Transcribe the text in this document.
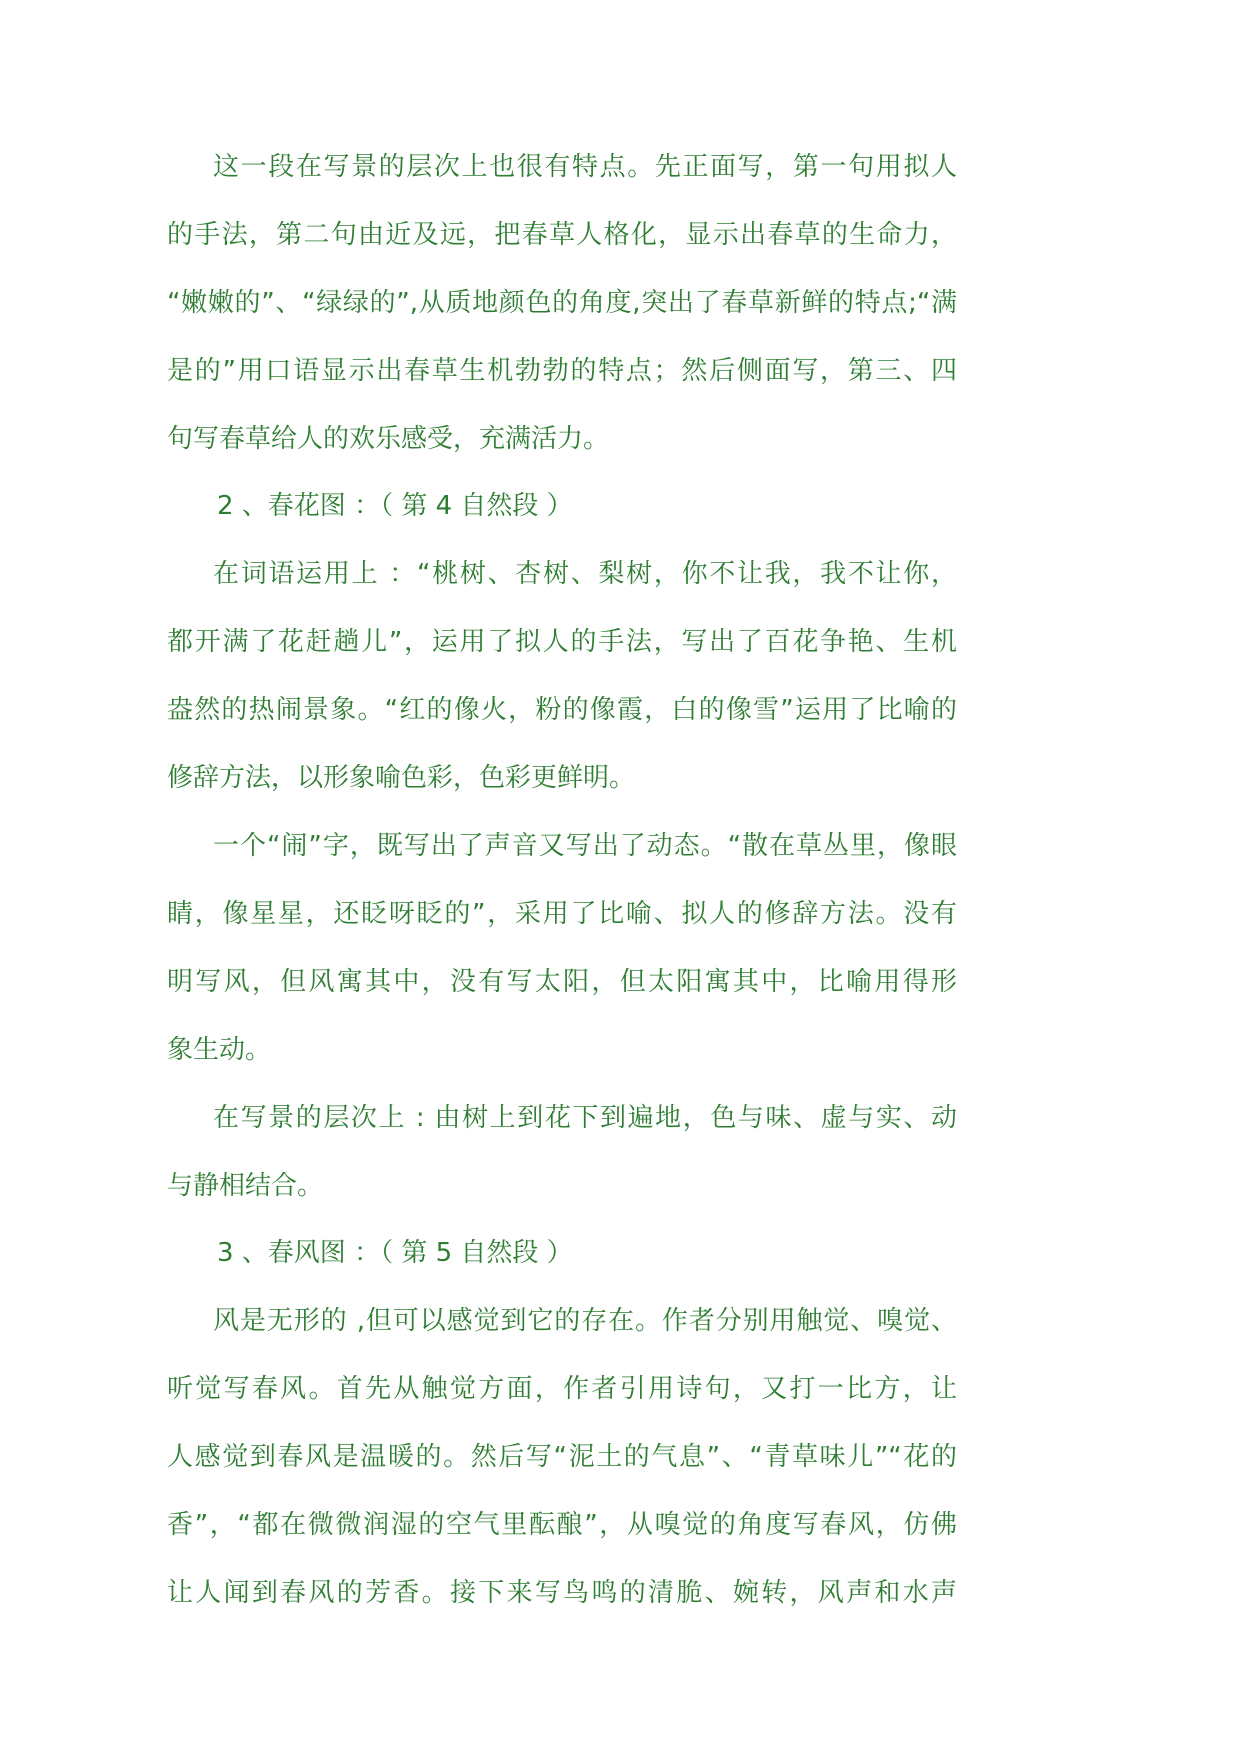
这一段在写景的层次上也很有特点。先正面写，第一句用拟人
的手法，第二句由近及远，把春草人格化，显示出春草的生命力，
“嫩嫩的”、“绿绿的”,从质地颜色的角度,突出了春草新鲜的特点;“满
是的”用口语显示出春草生机勃勃的特点；然后侧面写，第三、四
句写春草给人的欢乐感受，充满活力。
2 、春花图 ：（ 第 4 自然段 ）
在词语运用上 ：“桃树、杏树、梨树，你不让我，我不让你，
都开满了花赶趟儿”，运用了拟人的手法，写出了百花争艳、生机
盎然的热闹景象。“红的像火，粉的像霞，白的像雪”运用了比喻的
修辞方法，以形象喻色彩，色彩更鲜明。
一个“闹”字，既写出了声音又写出了动态。“散在草丛里，像眼
睛，像星星，还眨呀眨的”，采用了比喻、拟人的修辞方法。没有
明写风，但风寓其中，没有写太阳，但太阳寓其中，比喻用得形
象生动。
在写景的层次上 : 由树上到花下到遍地，色与味、虚与实、动
与静相结合。
3 、春风图 ：（ 第 5 自然段 ）
风是无形的 ,但可以感觉到它的存在。作者分别用触觉、嗅觉、
听觉写春风。首先从触觉方面，作者引用诗句，又打一比方，让
人感觉到春风是温暖的。然后写“泥土的气息”、“青草味儿”“花的
香”，“都在微微润湿的空气里酝酿”，从嗅觉的角度写春风，仿佛
让人闻到春风的芳香。接下来写鸟鸣的清脆、婉转，风声和水声
